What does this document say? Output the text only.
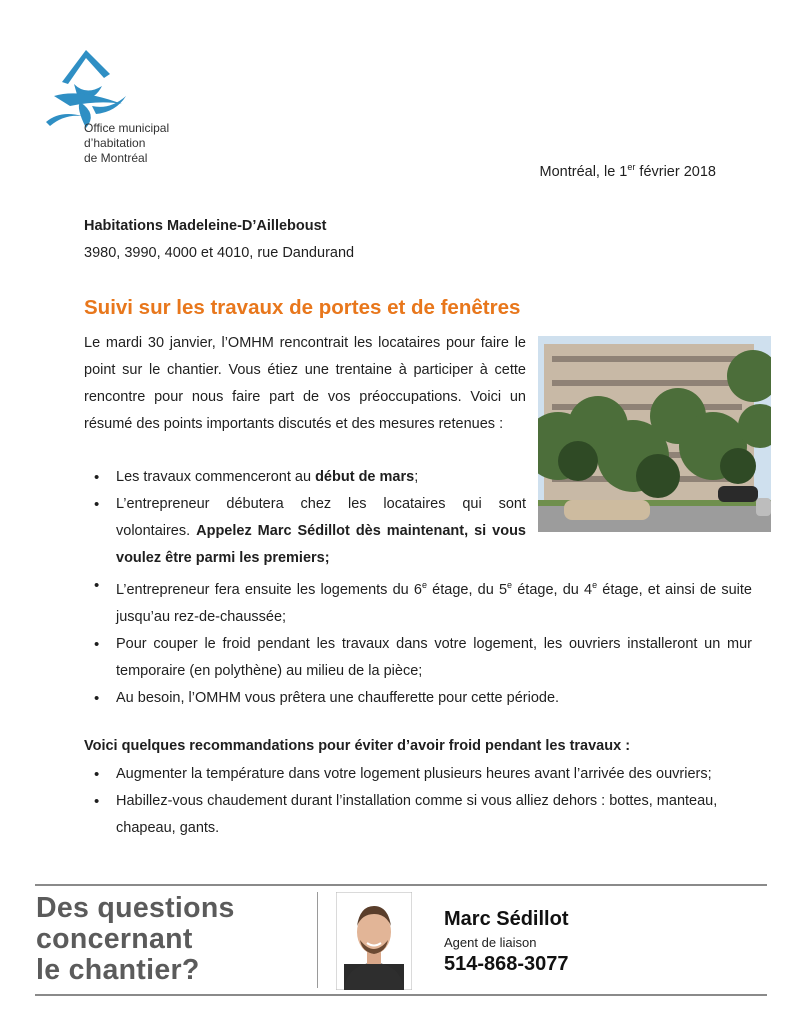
Office municipal
d’habitation
de Montréal
Montréal, le 1er février 2018
Habitations Madeleine-D’Ailleboust
3980, 3990, 4000 et 4010, rue Dandurand
Suivi sur les travaux de portes et de fenêtres
Le mardi 30 janvier, l’OMHM rencontrait les locataires pour faire le point sur le chantier. Vous étiez une trentaine à participer à cette rencontre pour nous faire part de vos préoccupations. Voici un résumé des points importants discutés et des mesures retenues :
• Les travaux commenceront au début de mars;
• L’entrepreneur débutera chez les locataires qui sont volontaires. Appelez Marc Sédillot dès maintenant, si vous voulez être parmi les premiers;
• L’entrepreneur fera ensuite les logements du 6e étage, du 5e étage, du 4e étage, et ainsi de suite jusqu’au rez-de-chaussée;
• Pour couper le froid pendant les travaux dans votre logement, les ouvriers installeront un mur temporaire (en polythène) au milieu de la pièce;
• Au besoin, l’OMHM vous prêtera une chaufferette pour cette période.
Voici quelques recommandations pour éviter d’avoir froid pendant les travaux :
• Augmenter la température dans votre logement plusieurs heures avant l’arrivée des ouvriers;
• Habillez-vous chaudement durant l’installation comme si vous alliez dehors : bottes, manteau, chapeau, gants.
Des questions
concernant
le chantier?
Marc Sédillot
Agent de liaison
514-868-3077
